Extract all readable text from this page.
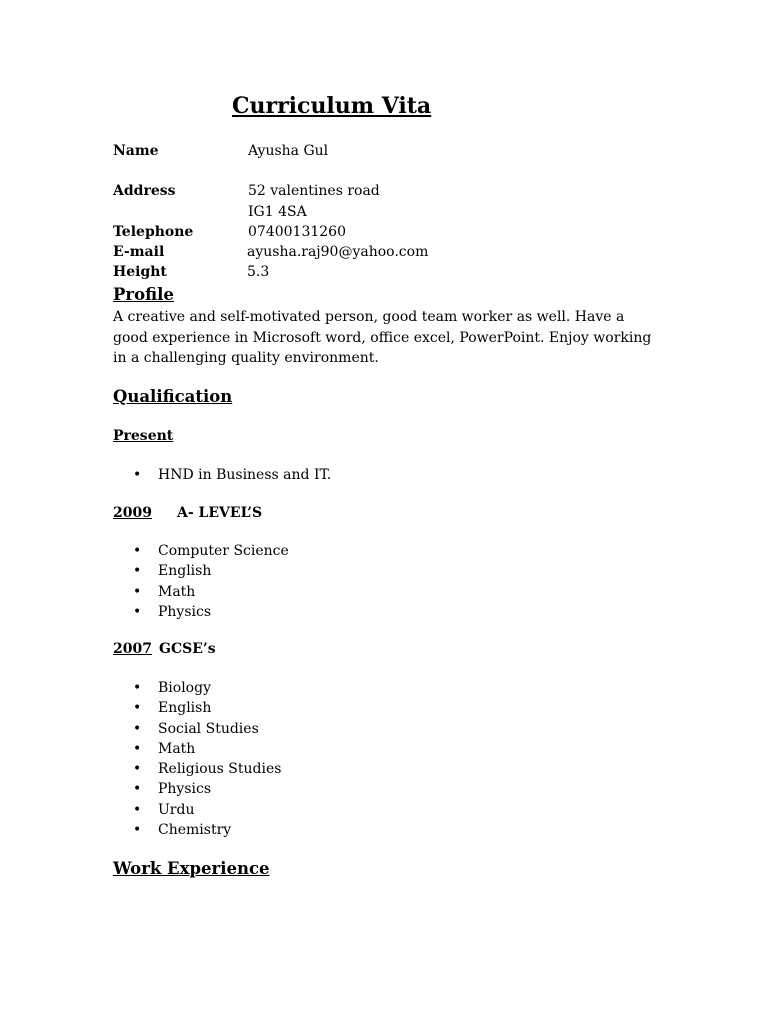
Curriculum Vita
Name	Ayusha Gul
Address	52 valentines road
IG1 4SA
Telephone	07400131260
E-mail	ayusha.raj90@yahoo.com
Height	5.3
Profile
A creative and self-motivated person, good team worker as well. Have a good experience in Microsoft word, office excel, PowerPoint. Enjoy working in a challenging quality environment.
Qualification
Present
• HND in Business and IT.
2009 A- LEVEL’S
• Computer Science
• English
• Math
• Physics
2007 GCSE’s
• Biology
• English
• Social Studies
• Math
• Religious Studies
• Physics
• Urdu
• Chemistry
Work Experience
